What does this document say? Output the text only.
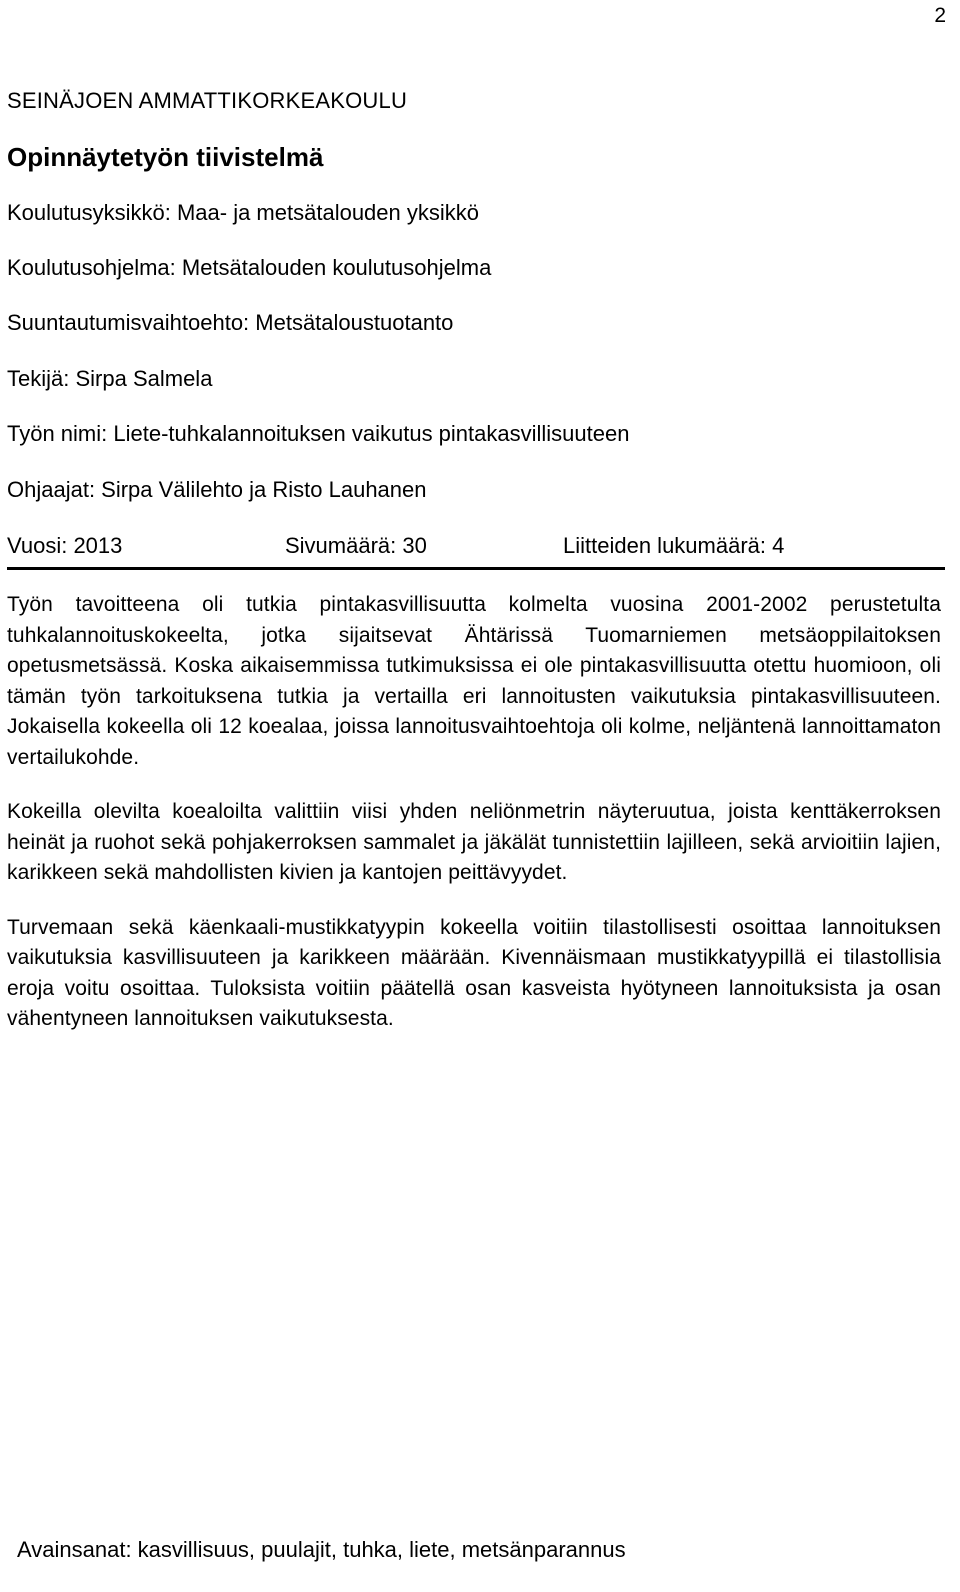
2
SEINÄJOEN AMMATTIKORKEAKOULU
Opinnäytetyön tiivistelmä
Koulutusyksikkö: Maa- ja metsätalouden yksikkö
Koulutusohjelma: Metsätalouden koulutusohjelma
Suuntautumisvaihtoehto: Metsätaloustuotanto
Tekijä: Sirpa Salmela
Työn nimi: Liete-tuhkalannoituksen vaikutus pintakasvillisuuteen
Ohjaajat: Sirpa Välilehto ja Risto Lauhanen
Vuosi: 2013	Sivumäärä: 30	Liitteiden lukumäärä: 4

Työn tavoitteena oli tutkia pintakasvillisuutta kolmelta vuosina 2001-2002 perustetulta tuhkalannoituskokeelta, jotka sijaitsevat Ähtärissä Tuomarniemen metsäoppilaitoksen opetusmetsässä. Koska aikaisemmissa tutkimuksissa ei ole pintakasvillisuutta otettu huomioon, oli tämän työn tarkoituksena tutkia ja vertailla eri lannoitusten vaikutuksia pintakasvillisuuteen. Jokaisella kokeella oli 12 koealaa, joissa lannoitusvaihtoehtoja oli kolme, neljäntenä lannoittamaton vertailukohde.

Kokeilla olevilta koealoilta valittiin viisi yhden neliönmetrin näyteruutua, joista kenttäkerroksen heinät ja ruohot sekä pohjakerroksen sammalet ja jäkälät tunnistettiin lajilleen, sekä arvioitiin lajien, karikkeen sekä mahdollisten kivien ja kantojen peittävyydet.

Turvemaan sekä käenkaali-mustikkatyypin kokeella voitiin tilastollisesti osoittaa lannoituksen vaikutuksia kasvillisuuteen ja karikkeen määrään. Kivennäismaan mustikkatyypillä ei tilastollisia eroja voitu osoittaa. Tuloksista voitiin päätellä osan kasveista hyötyneen lannoituksista ja osan vähentyneen lannoituksen vaikutuksesta.

Avainsanat: kasvillisuus, puulajit, tuhka, liete, metsänparannus
